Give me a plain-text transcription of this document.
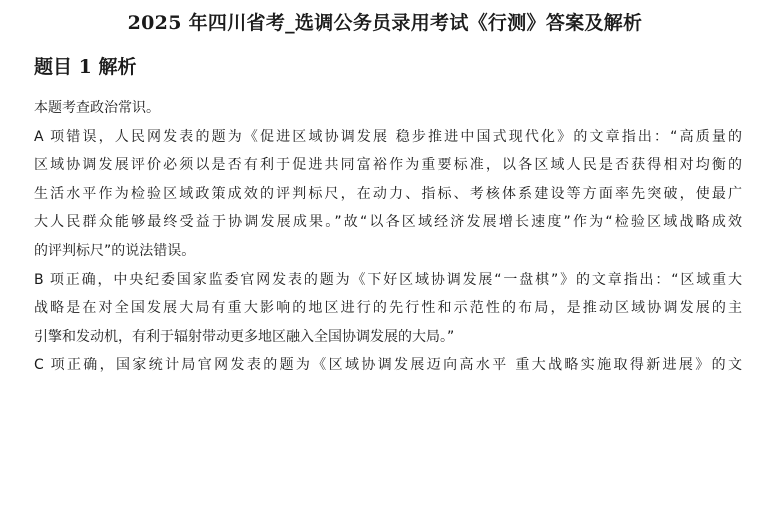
2025 年四川省考_选调公务员录用考试《行测》答案及解析
题目 1 解析
本题考查政治常识。
A 项错误，人民网发表的题为《促进区域协调发展 稳步推进中国式现代化》的文章指出：“高质量的
区域协调发展评价必须以是否有利于促进共同富裕作为重要标准，以各区域人民是否获得相对均衡的
生活水平作为检验区域政策成效的评判标尺，在动力、指标、考核体系建设等方面率先突破，使最广
大人民群众能够最终受益于协调发展成果。”故“以各区域经济发展增长速度”作为“检验区域战略成效
的评判标尺”的说法错误。
B 项正确，中央纪委国家监委官网发表的题为《下好区域协调发展“一盘棋”》的文章指出：“区域重大
战略是在对全国发展大局有重大影响的地区进行的先行性和示范性的布局，是推动区域协调发展的主
引擎和发动机，有利于辐射带动更多地区融入全国协调发展的大局。”
C 项正确，国家统计局官网发表的题为《区域协调发展迈向高水平 重大战略实施取得新进展》的文
